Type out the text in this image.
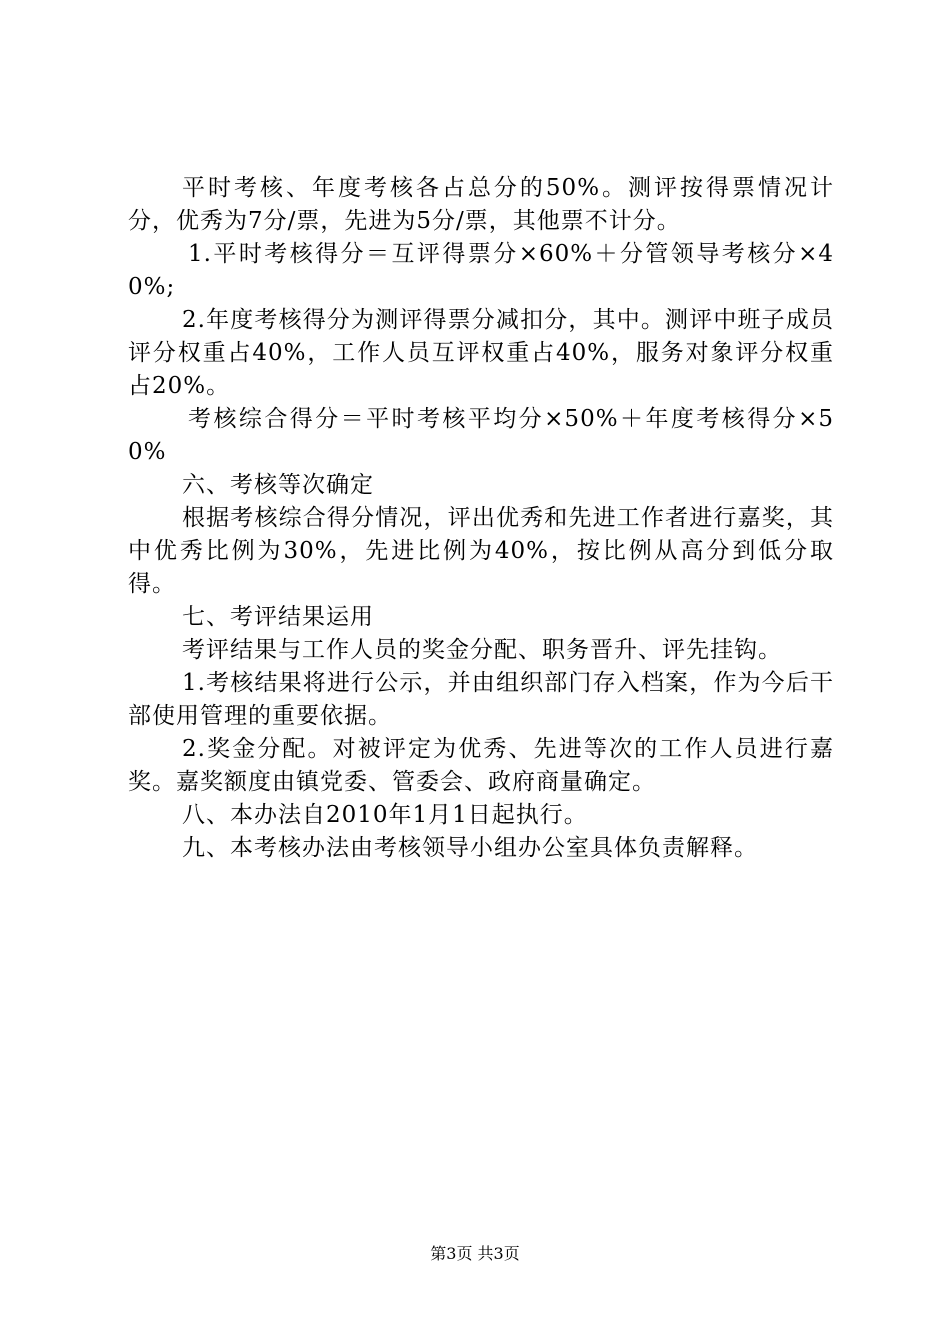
平时考核、年度考核各占总分的50%。测评按得票情况计分，优秀为7分/票，先进为5分/票，其他票不计分。

1.平时考核得分＝互评得票分×60%＋分管领导考核分×40%;

2.年度考核得分为测评得票分减扣分，其中。测评中班子成员评分权重占40%，工作人员互评权重占40%，服务对象评分权重占20%。

考核综合得分＝平时考核平均分×50%＋年度考核得分×50%

六、考核等次确定

根据考核综合得分情况，评出优秀和先进工作者进行嘉奖，其中优秀比例为30%，先进比例为40%，按比例从高分到低分取得。

七、考评结果运用

考评结果与工作人员的奖金分配、职务晋升、评先挂钩。

1.考核结果将进行公示，并由组织部门存入档案，作为今后干部使用管理的重要依据。

2.奖金分配。对被评定为优秀、先进等次的工作人员进行嘉奖。嘉奖额度由镇党委、管委会、政府商量确定。

八、本办法自2010年1月1日起执行。

九、本考核办法由考核领导小组办公室具体负责解释。

第3页 共3页
